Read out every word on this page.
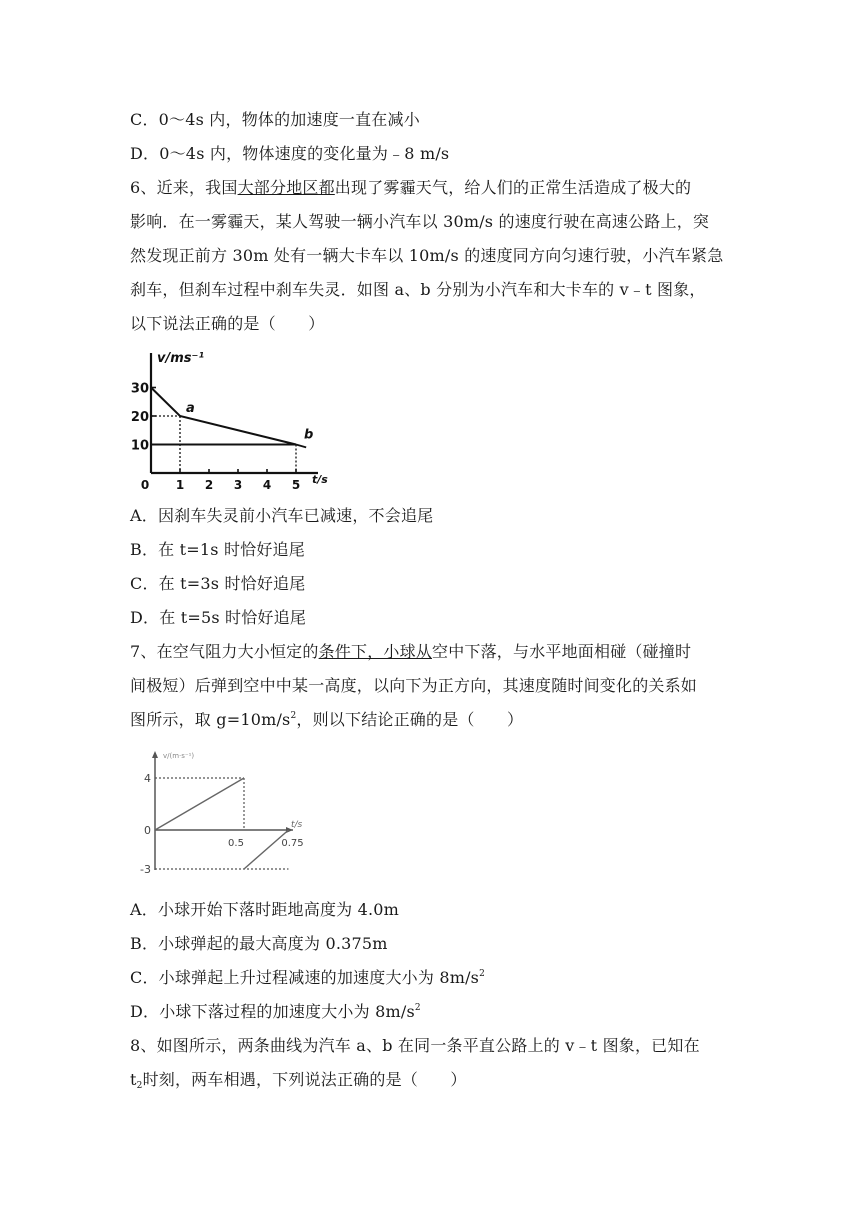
C．0～4s 内，物体的加速度一直在减小
D．0～4s 内，物体速度的变化量为﹣8 m/s
6、近来，我国大部分地区都出现了雾霾天气，给人们的正常生活造成了极大的
影响．在一雾霾天，某人驾驶一辆小汽车以 30m/s 的速度行驶在高速公路上，突
然发现正前方 30m 处有一辆大卡车以 10m/s 的速度同方向匀速行驶，小汽车紧急
刹车，但刹车过程中刹车失灵．如图 a、b 分别为小汽车和大卡车的 v﹣t 图象，
以下说法正确的是（　　）
v/ms⁻¹
t/s
10
20
30
0 1 2 3 4 5
a
b
A．因刹车失灵前小汽车已减速，不会追尾
B．在 t=1s 时恰好追尾
C．在 t=3s 时恰好追尾
D．在 t=5s 时恰好追尾
7、在空气阻力大小恒定的条件下，小球从空中下落，与水平地面相碰（碰撞时
间极短）后弹到空中中某一高度，以向下为正方向，其速度随时间变化的关系如
图所示，取 $g=10m/s^2$，则以下结论正确的是（　　）
v/(m·s⁻¹)
t/s
4
0
-3
0.5	0.75
A．小球开始下落时距地高度为 4.0m
B．小球弹起的最大高度为 0.375m
C．小球弹起上升过程减速的加速度大小为 $8m/s^2$
D．小球下落过程的加速度大小为 $8m/s^2$
8、如图所示，两条曲线为汽车 a、b 在同一条平直公路上的 v﹣t 图象，已知在
$t_2$时刻，两车相遇，下列说法正确的是（　　）
